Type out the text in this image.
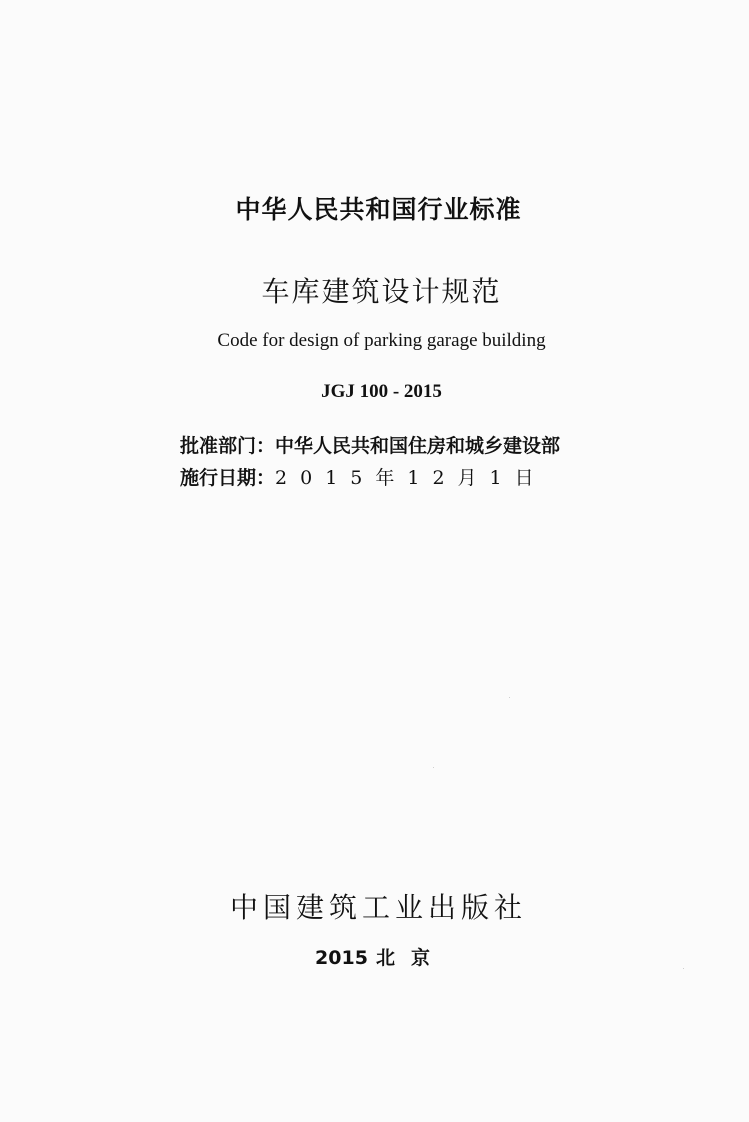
中华人民共和国行业标准
车库建筑设计规范
Code for design of parking garage building
JGJ 100 - 2015
批准部门：中华人民共和国住房和城乡建设部
施行日期：2015年12月1日
中国建筑工业出版社
2015 北京
